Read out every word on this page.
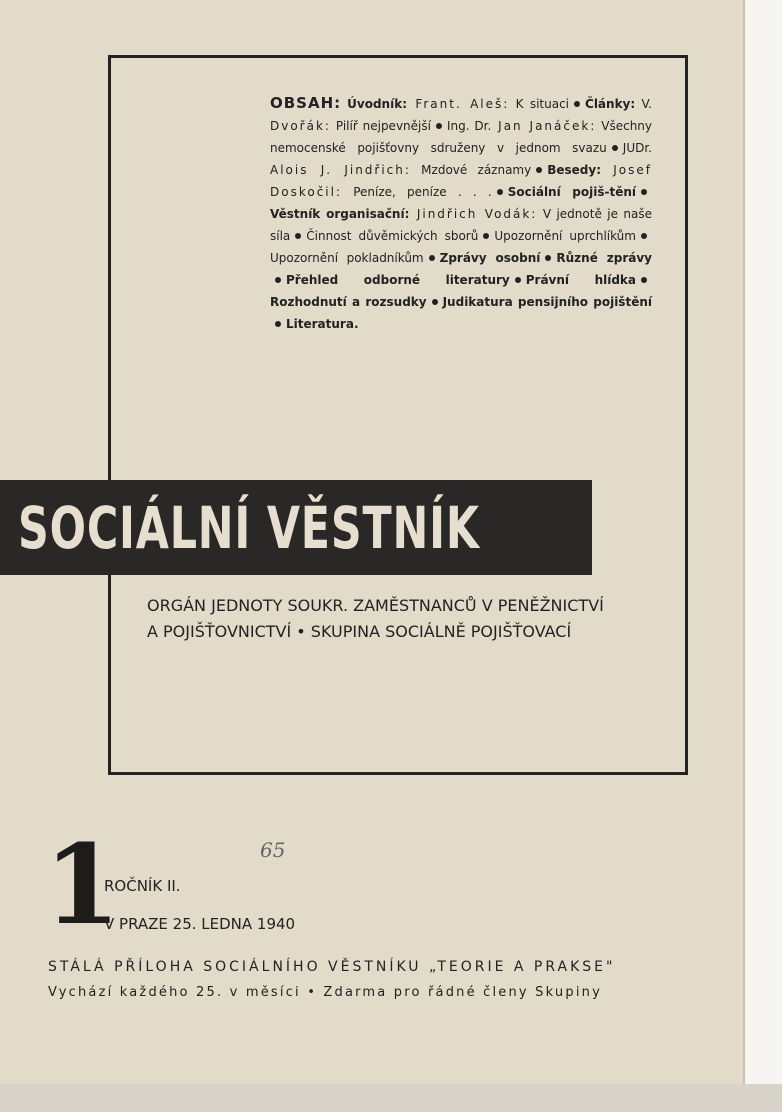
OBSAH: Úvodník: Frant. Aleš: K situaci Články: V. Dvořák: Pilíř nejpevnější Ing. Dr. Jan Janáček: Všechny nemocenské pojišťovny sdruženy v jednom svazu JUDr. Alois J. Jindřich: Mzdové záznamy Besedy: Josef Doskočil: Peníze, peníze . . . Sociální pojiš-těníVěstník organisační: Jindřich Vodák: V jednotě je naše síla Činnost důvěmických sborů Upozornění uprchlíkůmUpozornění pokladníkům Zprávy osobní Různé zprávyPřehled odborné literatury Právní hlídkaRozhodnutí a rozsudky Judikatura pensijního pojištěníLiteratura.
SOCIÁLNÍ VĚSTNÍK
ORGÁN JEDNOTY SOUKR. ZAMĚSTNANCŮ V PENĚŽNICTVÍ
A POJIŠŤOVNICTVÍ • SKUPINA SOCIÁLNĚ POJIŠŤOVACÍ
1	65
ROČNÍK II.
V PRAZE 25. LEDNA 1940
STÁLÁ PŘÍLOHA SOCIÁLNÍHO VĚSTNÍKU „TEORIE A PRAKSE"
Vychází každého 25. v měsíci • Zdarma pro řádné členy Skupiny
